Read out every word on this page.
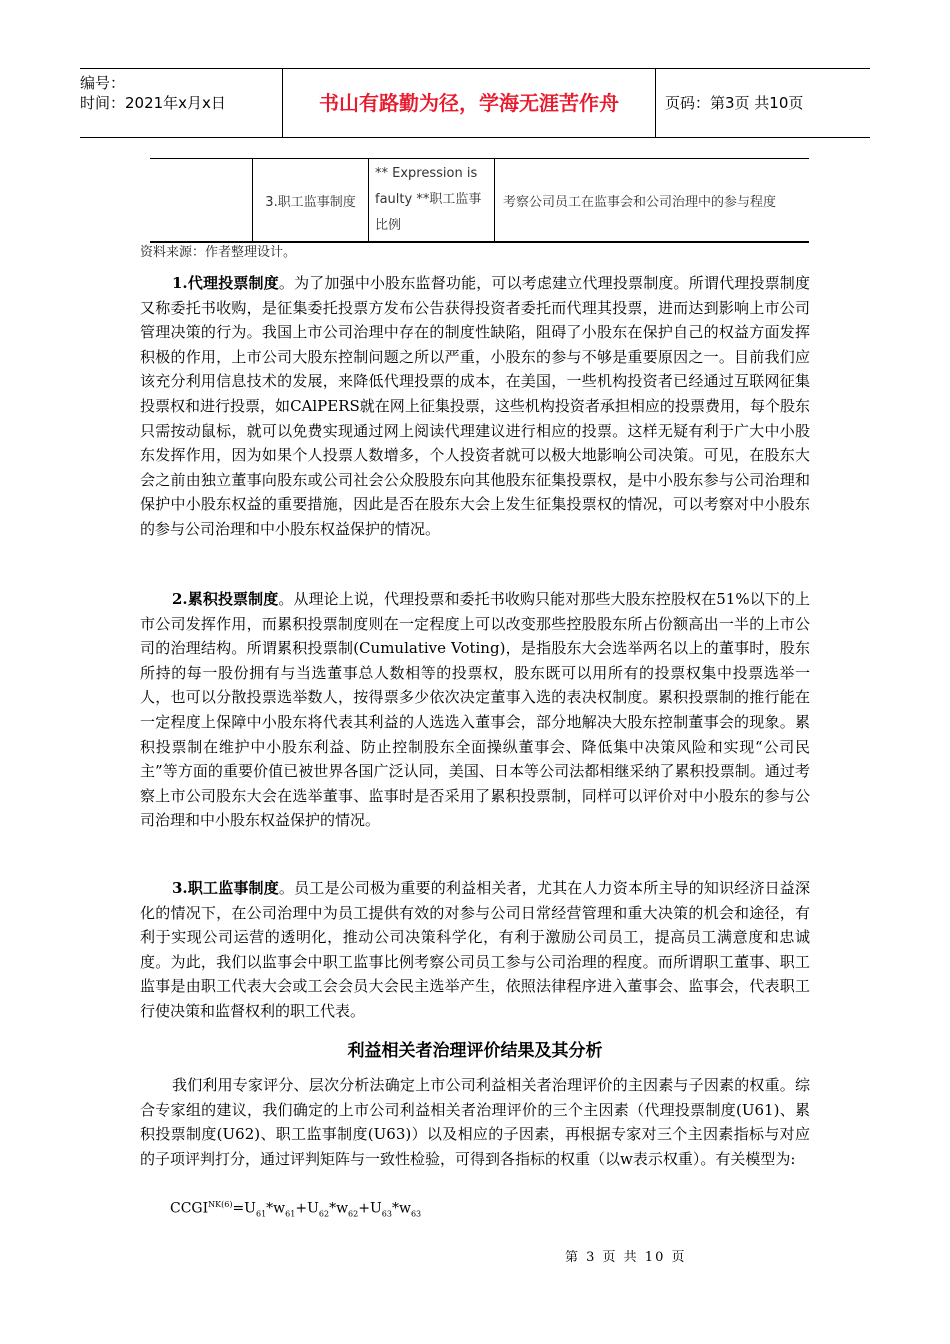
编号：
时间：2021年x月x日	书山有路勤为径，学海无涯苦作舟	页码：第3页 共10页
	3.职工监事制度	** Expression is faulty **职工监事比例	考察公司员工在监事会和公司治理中的参与程度
资料来源：作者整理设计。

1.代理投票制度。为了加强中小股东监督功能，可以考虑建立代理投票制度。所谓代理投票制度又称委托书收购，是征集委托投票方发布公告获得投资者委托而代理其投票，进而达到影响上市公司管理决策的行为。我国上市公司治理中存在的制度性缺陷，阻碍了小股东在保护自己的权益方面发挥积极的作用，上市公司大股东控制问题之所以严重，小股东的参与不够是重要原因之一。目前我们应该充分利用信息技术的发展，来降低代理投票的成本，在美国，一些机构投资者已经通过互联网征集投票权和进行投票，如CAlPERS就在网上征集投票，这些机构投资者承担相应的投票费用，每个股东只需按动鼠标，就可以免费实现通过网上阅读代理建议进行相应的投票。这样无疑有利于广大中小股东发挥作用，因为如果个人投票人数增多，个人投资者就可以极大地影响公司决策。可见，在股东大会之前由独立董事向股东或公司社会公众股股东向其他股东征集投票权，是中小股东参与公司治理和保护中小股东权益的重要措施，因此是否在股东大会上发生征集投票权的情况，可以考察对中小股东的参与公司治理和中小股东权益保护的情况。

2.累积投票制度。从理论上说，代理投票和委托书收购只能对那些大股东控股权在51%以下的上市公司发挥作用，而累积投票制度则在一定程度上可以改变那些控股股东所占份额高出一半的上市公司的治理结构。所谓累积投票制(Cumulative Voting)，是指股东大会选举两名以上的董事时，股东所持的每一股份拥有与当选董事总人数相等的投票权，股东既可以用所有的投票权集中投票选举一人，也可以分散投票选举数人，按得票多少依次决定董事入选的表决权制度。累积投票制的推行能在一定程度上保障中小股东将代表其利益的人选选入董事会，部分地解决大股东控制董事会的现象。累积投票制在维护中小股东利益、防止控制股东全面操纵董事会、降低集中决策风险和实现“公司民主”等方面的重要价值已被世界各国广泛认同，美国、日本等公司法都相继采纳了累积投票制。通过考察上市公司股东大会在选举董事、监事时是否采用了累积投票制，同样可以评价对中小股东的参与公司治理和中小股东权益保护的情况。

3.职工监事制度。员工是公司极为重要的利益相关者，尤其在人力资本所主导的知识经济日益深化的情况下，在公司治理中为员工提供有效的对参与公司日常经营管理和重大决策的机会和途径，有利于实现公司运营的透明化，推动公司决策科学化，有利于激励公司员工，提高员工满意度和忠诚度。为此，我们以监事会中职工监事比例考察公司员工参与公司治理的程度。而所谓职工董事、职工监事是由职工代表大会或工会会员大会民主选举产生，依照法律程序进入董事会、监事会，代表职工行使决策和监督权利的职工代表。

利益相关者治理评价结果及其分析

我们利用专家评分、层次分析法确定上市公司利益相关者治理评价的主因素与子因素的权重。综合专家组的建议，我们确定的上市公司利益相关者治理评价的三个主因素（代理投票制度(U61)、累积投票制度(U62)、职工监事制度(U63)）以及相应的子因素，再根据专家对三个主因素指标与对应的子项评判打分，通过评判矩阵与一致性检验，可得到各指标的权重（以w表示权重）。有关模型为:

$CCGI^{NK(6)}=U_{61}*w_{61}+U_{62}*w_{62}+U_{63}*w_{63}$
第 3 页 共 10 页
